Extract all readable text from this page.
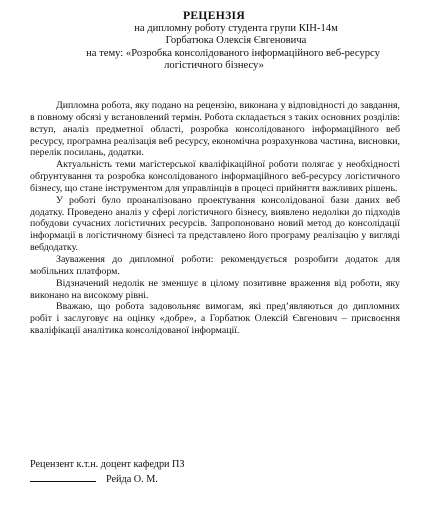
РЕЦЕНЗІЯ
на дипломну роботу студента групи КІН-14м
Горбатюка Олексія Євгеновича
на тему: «Розробка консолідованого інформаційного веб-ресурсу
логістичного бізнесу»

Дипломна робота, яку подано на рецензію, виконана у відповідності до завдання, в повному обсязі у встановлений термін. Робота складається з таких основних розділів: вступ, аналіз предметної області, розробка консолідованого інформаційного веб ресурсу, програмна реалізація веб ресурсу, економічна розрахункова частина, висновки, перелік посилань, додатки.

Актуальність теми магістерської кваліфікаційної роботи полягає у необхідності обґрунтування та розробка консолідованого інформаційного веб-ресурсу логістичного бізнесу, що стане інструментом для управлінців в процесі прийняття важливих рішень.

У роботі було проаналізовано проектування консолідованої бази даних веб додатку. Проведено аналіз у сфері логістичного бізнесу, виявлено недоліки до підходів побудови сучасних логістичних ресурсів. Запропоновано новий метод до консолідації інформації в логістичному бізнесі та представлено його програму реалізацію у вигляді вебдодатку.

Зауваження до дипломної роботи: рекомендується розробити додаток для мобільних платформ.

Відзначений недолік не зменшує в цілому позитивне враження від роботи, яку виконано на високому рівні.

Вважаю, що робота задовольняє вимогам, які пред’являються до дипломних робіт і заслуговує на оцінку «добре», а Горбатюк Олексій Євгенович – присвоєння кваліфікації аналітика консолідованої інформації.

Рецензент к.т.н. доцент кафедри ПЗ
Рейда О. М.
